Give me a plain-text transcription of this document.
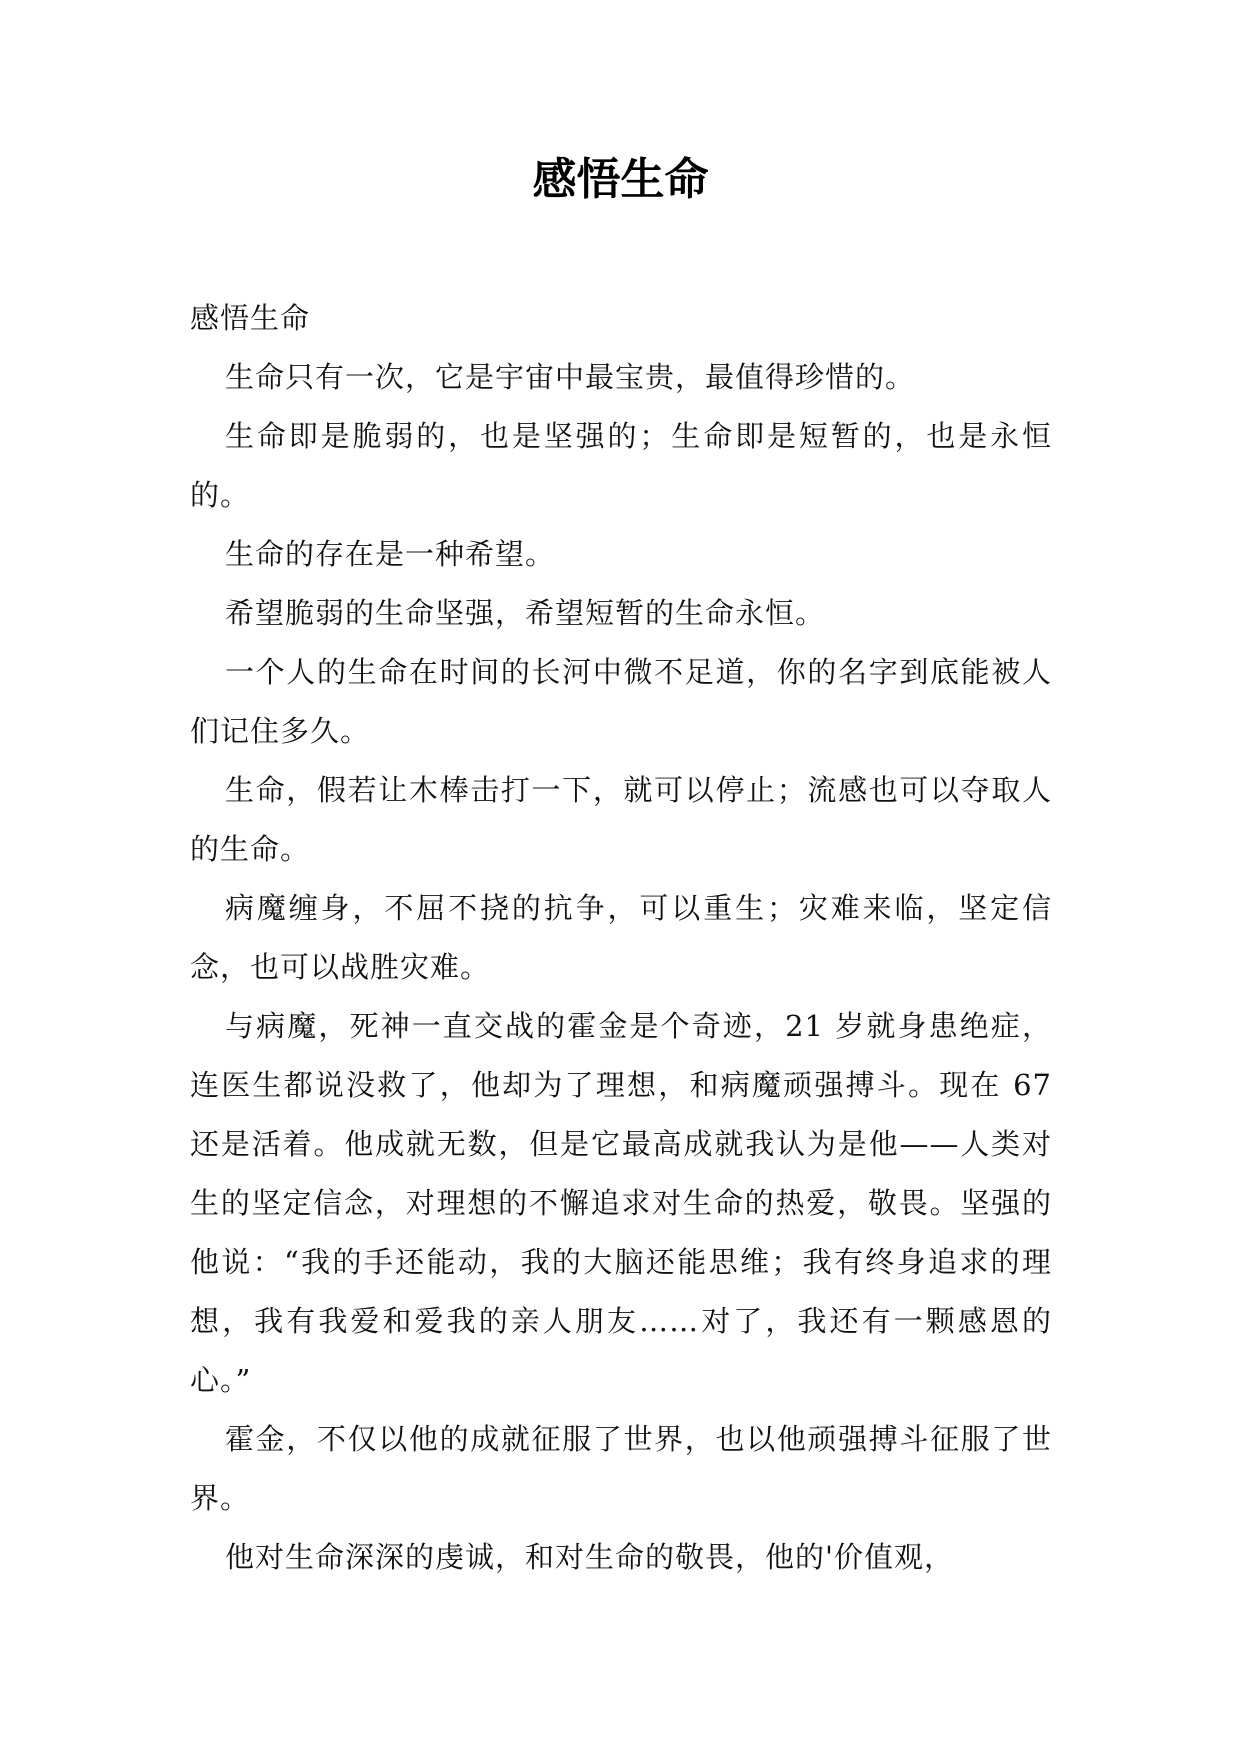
感悟生命

感悟生命

生命只有一次，它是宇宙中最宝贵，最值得珍惜的。

生命即是脆弱的，也是坚强的；生命即是短暂的，也是永恒的。

生命的存在是一种希望。

希望脆弱的生命坚强，希望短暂的生命永恒。

一个人的生命在时间的长河中微不足道，你的名字到底能被人们记住多久。

生命，假若让木棒击打一下，就可以停止；流感也可以夺取人的生命。

病魔缠身，不屈不挠的抗争，可以重生；灾难来临，坚定信念，也可以战胜灾难。

与病魔，死神一直交战的霍金是个奇迹，21 岁就身患绝症，连医生都说没救了，他却为了理想，和病魔顽强搏斗。现在 67 还是活着。他成就无数，但是它最高成就我认为是他——人类对生的坚定信念，对理想的不懈追求对生命的热爱，敬畏。坚强的他说：“我的手还能动，我的大脑还能思维；我有终身追求的理想，我有我爱和爱我的亲人朋友……对了，我还有一颗感恩的心。”

霍金，不仅以他的成就征服了世界，也以他顽强搏斗征服了世界。

他对生命深深的虔诚，和对生命的敬畏，他的'价值观，
